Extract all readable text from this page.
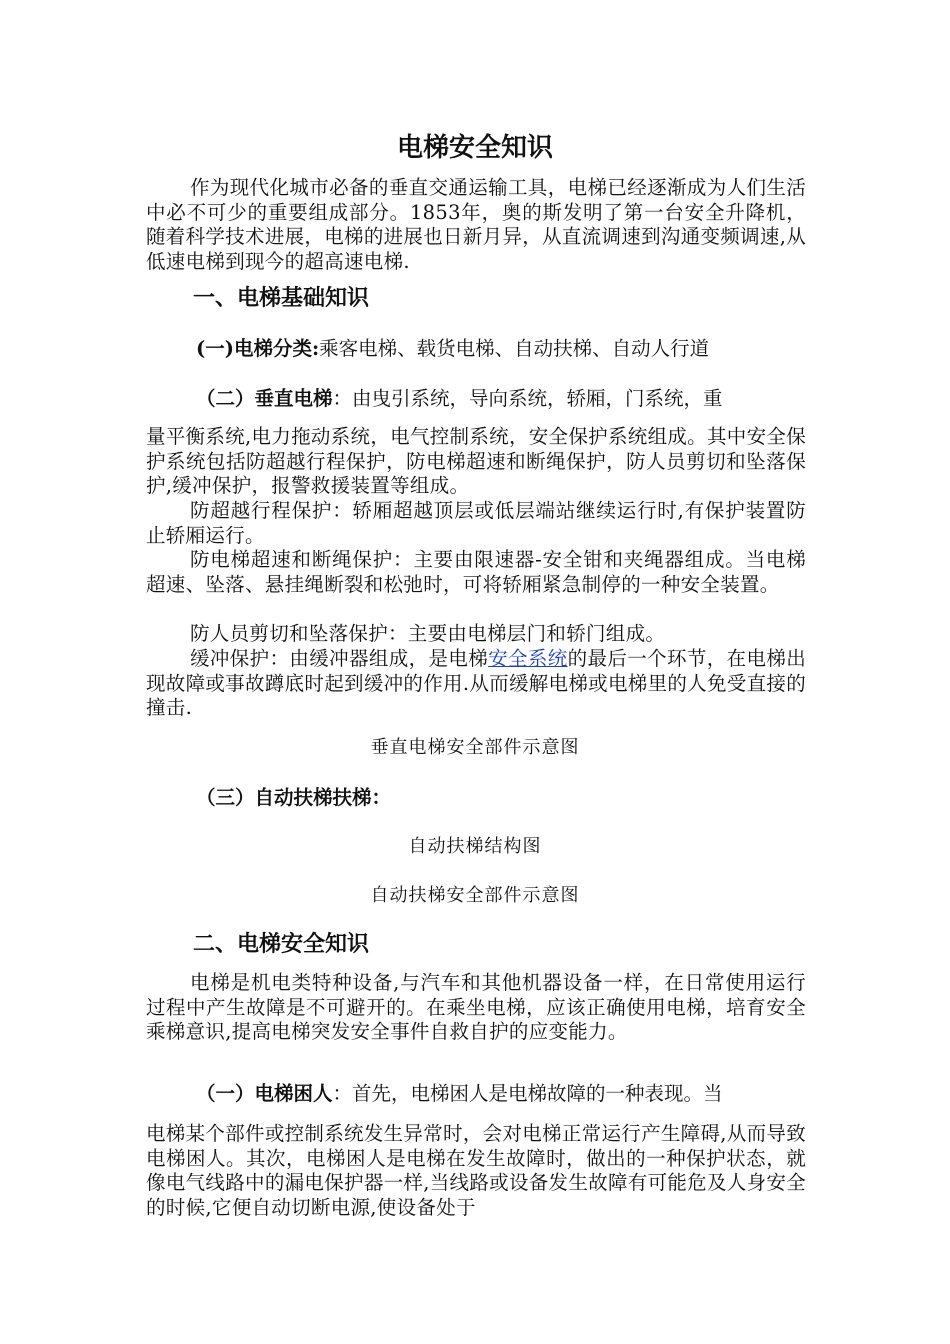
电梯安全知识

作为现代化城市必备的垂直交通运输工具，电梯已经逐渐成为人们生活中必不可少的重要组成部分。1853年，奥的斯发明了第一台安全升降机，随着科学技术进展，电梯的进展也日新月异，从直流调速到沟通变频调速,从低速电梯到现今的超高速电梯.

一、电梯基础知识
(一)电梯分类:乘客电梯、载货电梯、自动扶梯、自动人行道
（二）垂直电梯：由曳引系统，导向系统，轿厢，门系统，重

量平衡系统,电力拖动系统，电气控制系统，安全保护系统组成。其中安全保护系统包括防超越行程保护，防电梯超速和断绳保护，防人员剪切和坠落保护,缓冲保护，报警救援装置等组成。

防超越行程保护：轿厢超越顶层或低层端站继续运行时,有保护装置防止轿厢运行。

防电梯超速和断绳保护：主要由限速器-安全钳和夹绳器组成。当电梯超速、坠落、悬挂绳断裂和松弛时，可将轿厢紧急制停的一种安全装置。

防人员剪切和坠落保护：主要由电梯层门和轿门组成。

缓冲保护：由缓冲器组成，是电梯安全系统的最后一个环节，在电梯出现故障或事故蹲底时起到缓冲的作用.从而缓解电梯或电梯里的人免受直接的撞击.

垂直电梯安全部件示意图
（三）自动扶梯扶梯：
自动扶梯结构图
自动扶梯安全部件示意图
二、电梯安全知识

电梯是机电类特种设备,与汽车和其他机器设备一样，在日常使用运行过程中产生故障是不可避开的。在乘坐电梯，应该正确使用电梯，培育安全乘梯意识,提高电梯突发安全事件自救自护的应变能力。

（一）电梯困人：首先，电梯困人是电梯故障的一种表现。当

电梯某个部件或控制系统发生异常时，会对电梯正常运行产生障碍,从而导致电梯困人。其次，电梯困人是电梯在发生故障时，做出的一种保护状态，就像电气线路中的漏电保护器一样,当线路或设备发生故障有可能危及人身安全的时候,它便自动切断电源,使设备处于
